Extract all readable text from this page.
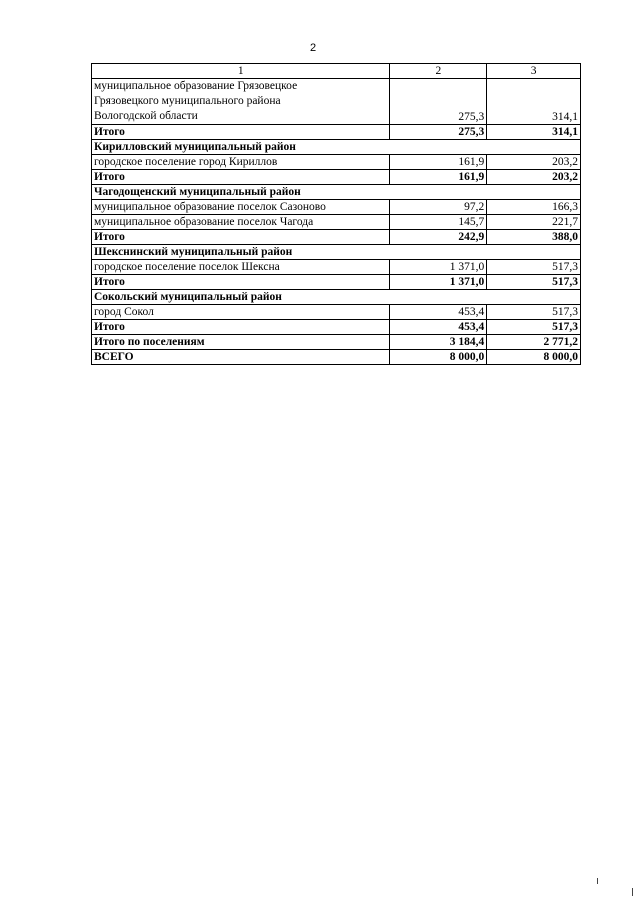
2
1	2	3

муниципальное образование Грязовецкое
Грязовецкого муниципального района
Вологодской области	275,3	314,1
Итого	275,3	314,1
Кирилловский муниципальный район		
городское поселение город Кириллов	161,9	203,2
Итого	161,9	203,2
Чагодощенский муниципальный район		
муниципальное образование поселок Сазоново	97,2	166,3
муниципальное образование поселок Чагода	145,7	221,7
Итого	242,9	388,0
Шекснинский муниципальный район		
городское поселение поселок Шексна	1 371,0	517,3
Итого	1 371,0	517,3
Сокольский муниципальный район		
город Сокол	453,4	517,3
Итого	453,4	517,3
Итого по поселениям	3 184,4	2 771,2
ВСЕГО	8 000,0	8 000,0
